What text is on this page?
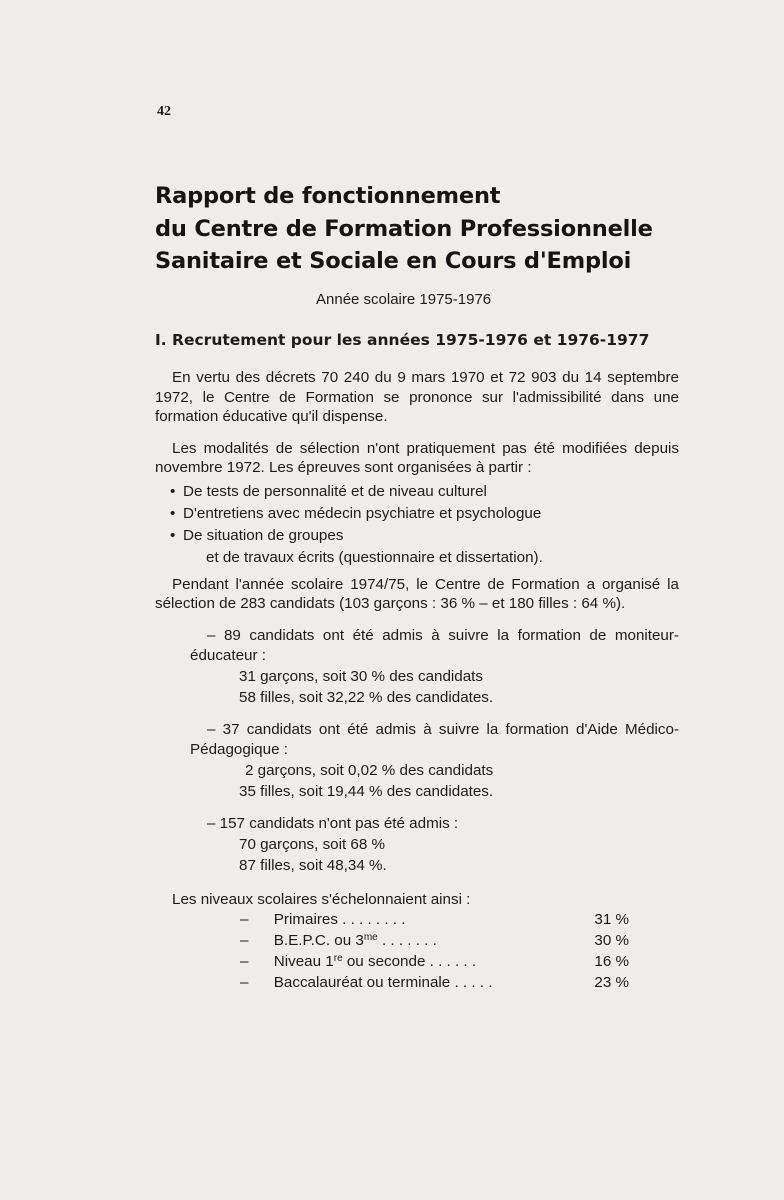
42
Rapport de fonctionnement
du Centre de Formation Professionnelle
Sanitaire et Sociale en Cours d'Emploi
Année scolaire 1975-1976
I. Recrutement pour les années 1975-1976 et 1976-1977

En vertu des décrets 70 240 du 9 mars 1970 et 72 903 du 14 septembre 1972, le Centre de Formation se prononce sur l'admissibilité dans une formation éducative qu'il dispense.

Les modalités de sélection n'ont pratiquement pas été modifiées depuis novembre 1972. Les épreuves sont organisées à partir :

• De tests de personnalité et de niveau culturel
• D'entretiens avec médecin psychiatre et psychologue
• De situation de groupes
et de travaux écrits (questionnaire et dissertation).

Pendant l'année scolaire 1974/75, le Centre de Formation a organisé la sélection de 283 candidats (103 garçons : 36 % – et 180 filles : 64 %).

– 89 candidats ont été admis à suivre la formation de moniteur-éducateur :

31 garçons, soit 30 % des candidats
58 filles, soit 32,22 % des candidates.

– 37 candidats ont été admis à suivre la formation d'Aide Médico-Pédagogique :

2 garçons, soit 0,02 % des candidats
35 filles, soit 19,44 % des candidates.

– 157 candidats n'ont pas été admis :

70 garçons, soit 68 %
87 filles, soit 48,34 %.

Les niveaux scolaires s'échelonnaient ainsi :

– Primaires . . . . . . . .	31 %
– B.E.P.C. ou $3^{me}$ . . . . . . .	30 %
– Niveau 1re ou seconde . . . . . .	16 %
– Baccalauréat ou terminale . . . . .	23 %
